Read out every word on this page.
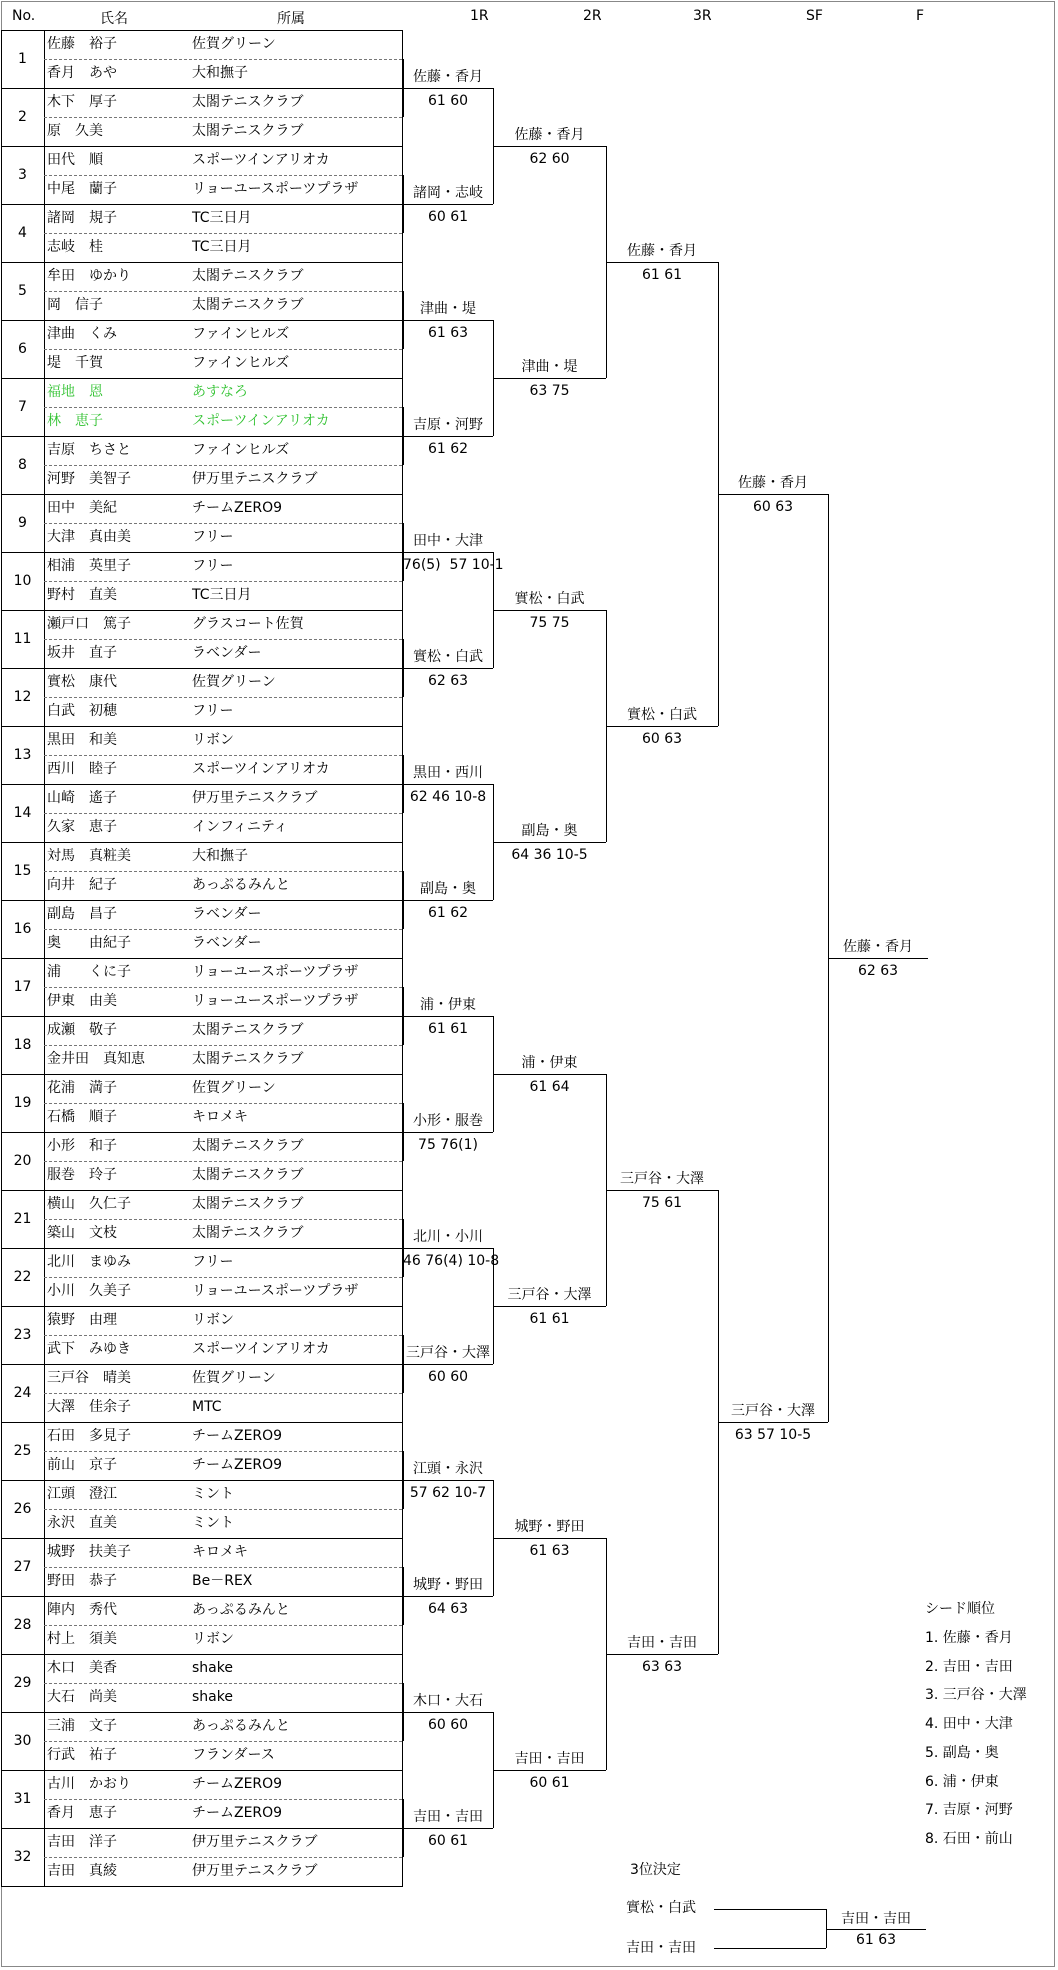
No.	氏名	所属	1R	2R	3R	SF	F
1
佐藤　裕子	佐賀グリーン
香月　あや	大和撫子
2
木下　厚子	太閤テニスクラブ
原　久美	太閤テニスクラブ
3
田代　順	スポーツインアリオカ
中尾　蘭子	リョーユースポーツプラザ
4
諸岡　規子	TC三日月
志岐　桂	TC三日月
5
牟田　ゆかり	太閤テニスクラブ
岡　信子	太閤テニスクラブ
6
津曲　くみ	ファインヒルズ
堤　千賀	ファインヒルズ
7
福地　恩	あすなろ
林　恵子	スポーツインアリオカ
8
吉原　ちさと	ファインヒルズ
河野　美智子	伊万里テニスクラブ
9
田中　美紀	チームZERO9
大津　真由美	フリー
10
相浦　英里子	フリー
野村　直美	TC三日月
11
瀬戸口　篤子	グラスコート佐賀
坂井　直子	ラベンダー
12
實松　康代	佐賀グリーン
白武　初穂	フリー
13
黒田　和美	リボン
西川　睦子	スポーツインアリオカ
14
山崎　遙子	伊万里テニスクラブ
久家　恵子	インフィニティ
15
対馬　真粧美	大和撫子
向井　紀子	あっぷるみんと
16
副島　昌子	ラベンダー
奥　　由紀子	ラベンダー
17
浦　　くに子	リョーユースポーツプラザ
伊東　由美	リョーユースポーツプラザ
18
成瀬　敬子	太閤テニスクラブ
金井田　真知恵	太閤テニスクラブ
19
花浦　満子	佐賀グリーン
石橋　順子	キロメキ
20
小形　和子	太閤テニスクラブ
服巻　玲子	太閤テニスクラブ
21
横山　久仁子	太閤テニスクラブ
築山　文枝	太閤テニスクラブ
22
北川　まゆみ	フリー
小川　久美子	リョーユースポーツプラザ
23
猿野　由理	リボン
武下　みゆき	スポーツインアリオカ
24
三戸谷　晴美	佐賀グリーン
大澤　佳余子	MTC
25
石田　多見子	チームZERO9
前山　京子	チームZERO9
26
江頭　澄江	ミント
永沢　直美	ミント
27
城野　扶美子	キロメキ
野田　恭子	Be－REX
28
陣内　秀代	あっぷるみんと
村上　須美	リボン
29
木口　美香	shake
大石　尚美	shake
30
三浦　文子	あっぷるみんと
行武　祐子	フランダース
31
古川　かおり	チームZERO9
香月　恵子	チームZERO9
32
吉田　洋子	伊万里テニスクラブ
吉田　真綾	伊万里テニスクラブ
佐藤・香月
61 60
諸岡・志岐
60 61
津曲・堤
61 63
吉原・河野
61 62
田中・大津
76(5)  57 10-1
實松・白武
62 63
黒田・西川
62 46 10-8
副島・奥
61 62
浦・伊東
61 61
小形・服巻
75 76(1)
北川・小川
46 76(4) 10-8
三戸谷・大澤
60 60
江頭・永沢
57 62 10-7
城野・野田
64 63
木口・大石
60 60
吉田・吉田
60 61
佐藤・香月
62 60
津曲・堤
63 75
實松・白武
75 75
副島・奥
64 36 10-5
浦・伊東
61 64
三戸谷・大澤
61 61
城野・野田
61 63
吉田・吉田
60 61
佐藤・香月
61 61
實松・白武
60 63
三戸谷・大澤
75 61
吉田・吉田
63 63
佐藤・香月
60 63
三戸谷・大澤
63 57 10-5
佐藤・香月
62 63
3位決定
實松・白武
吉田・吉田
吉田・吉田
61 63
シード順位
1. 佐藤・香月
2. 吉田・吉田
3. 三戸谷・大澤
4. 田中・大津
5. 副島・奥
6. 浦・伊東
7. 吉原・河野
8. 石田・前山
